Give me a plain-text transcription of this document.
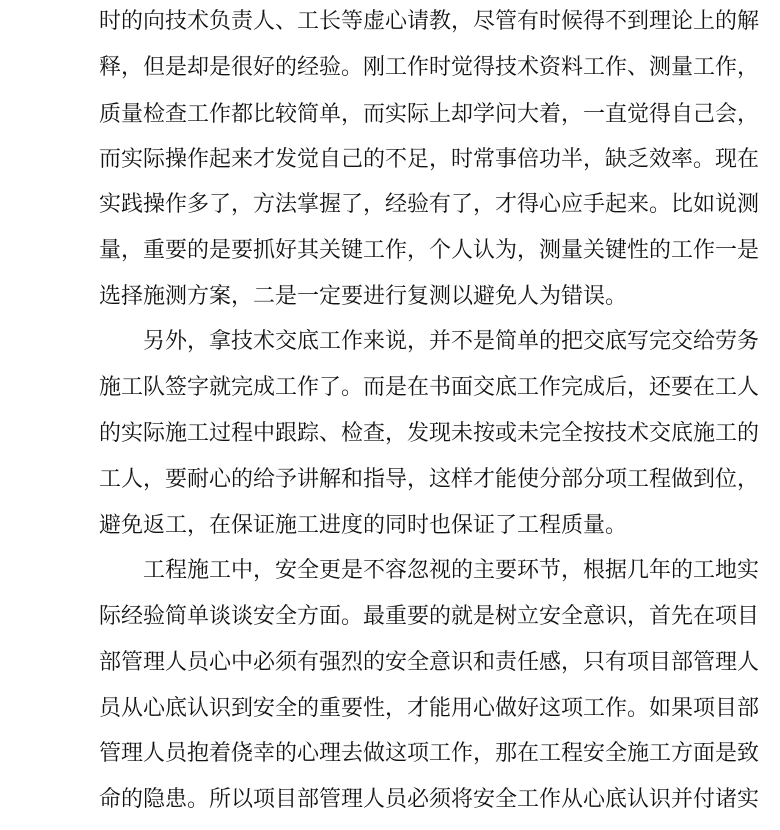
时的向技术负责人、工长等虚心请教，尽管有时候得不到理论上的解
释，但是却是很好的经验。刚工作时觉得技术资料工作、测量工作，
质量检查工作都比较简单，而实际上却学问大着，一直觉得自己会，
而实际操作起来才发觉自己的不足，时常事倍功半，缺乏效率。现在
实践操作多了，方法掌握了，经验有了，才得心应手起来。比如说测
量，重要的是要抓好其关键工作，个人认为，测量关键性的工作一是
选择施测方案，二是一定要进行复测以避免人为错误。
另外，拿技术交底工作来说，并不是简单的把交底写完交给劳务
施工队签字就完成工作了。而是在书面交底工作完成后，还要在工人
的实际施工过程中跟踪、检查，发现未按或未完全按技术交底施工的
工人，要耐心的给予讲解和指导，这样才能使分部分项工程做到位，
避免返工，在保证施工进度的同时也保证了工程质量。
工程施工中，安全更是不容忽视的主要环节，根据几年的工地实
际经验简单谈谈安全方面。最重要的就是树立安全意识，首先在项目
部管理人员心中必须有强烈的安全意识和责任感，只有项目部管理人
员从心底认识到安全的重要性，才能用心做好这项工作。如果项目部
管理人员抱着侥幸的心理去做这项工作，那在工程安全施工方面是致
命的隐患。所以项目部管理人员必须将安全工作从心底认识并付诸实
